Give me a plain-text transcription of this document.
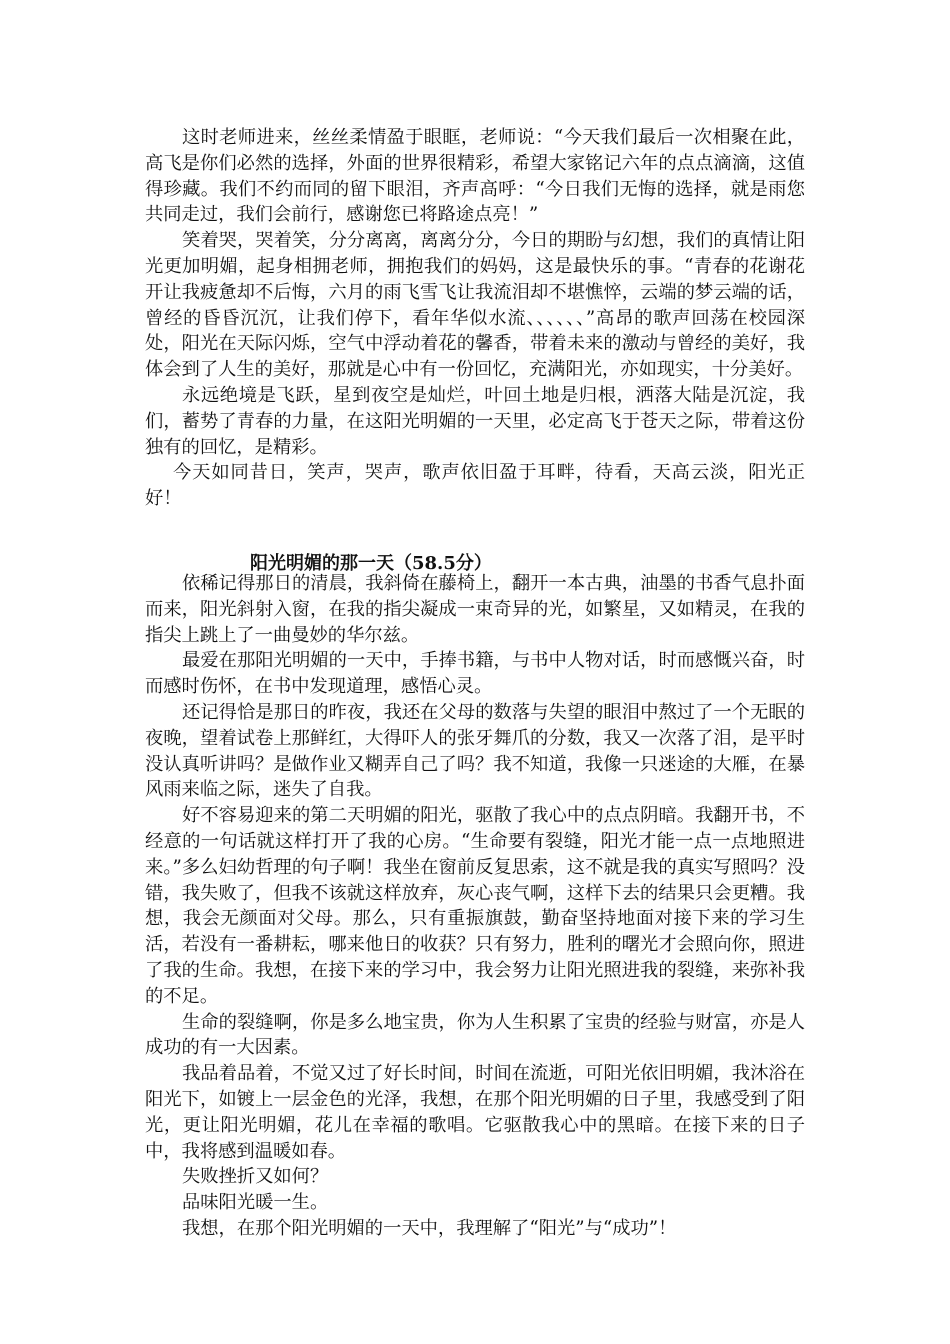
这时老师进来，丝丝柔情盈于眼眶，老师说：“今天我们最后一次相聚在此，高飞是你们必然的选择，外面的世界很精彩，希望大家铭记六年的点点滴滴，这值得珍藏。我们不约而同的留下眼泪，齐声高呼：“今日我们无悔的选择，就是雨您共同走过，我们会前行，感谢您已将路途点亮！”

笑着哭，哭着笑，分分离离，离离分分，今日的期盼与幻想，我们的真情让阳光更加明媚，起身相拥老师，拥抱我们的妈妈，这是最快乐的事。“青春的花谢花开让我疲惫却不后悔，六月的雨飞雪飞让我流泪却不堪憔悴，云端的梦云端的话，曾经的昏昏沉沉，让我们停下，看年华似水流、、、、、、”高昂的歌声回荡在校园深处，阳光在天际闪烁，空气中浮动着花的馨香，带着未来的激动与曾经的美好，我体会到了人生的美好，那就是心中有一份回忆，充满阳光，亦如现实，十分美好。

永远绝境是飞跃，星到夜空是灿烂，叶回土地是归根，洒落大陆是沉淀，我们，蓄势了青春的力量，在这阳光明媚的一天里，必定高飞于苍天之际，带着这份独有的回忆，是精彩。

今天如同昔日，笑声，哭声，歌声依旧盈于耳畔，待看，天高云淡，阳光正好！

阳光明媚的那一天（58.5分）

依稀记得那日的清晨，我斜倚在藤椅上，翻开一本古典，油墨的书香气息扑面而来，阳光斜射入窗，在我的指尖凝成一束奇异的光，如繁星，又如精灵，在我的指尖上跳上了一曲曼妙的华尔兹。

最爱在那阳光明媚的一天中，手捧书籍，与书中人物对话，时而感慨兴奋，时而感时伤怀，在书中发现道理，感悟心灵。

还记得恰是那日的昨夜，我还在父母的数落与失望的眼泪中熬过了一个无眠的夜晚，望着试卷上那鲜红，大得吓人的张牙舞爪的分数，我又一次落了泪，是平时没认真听讲吗？是做作业又糊弄自己了吗？我不知道，我像一只迷途的大雁，在暴风雨来临之际，迷失了自我。

好不容易迎来的第二天明媚的阳光，驱散了我心中的点点阴暗。我翻开书，不经意的一句话就这样打开了我的心房。“生命要有裂缝，阳光才能一点一点地照进来。”多么妇幼哲理的句子啊！我坐在窗前反复思索，这不就是我的真实写照吗？没错，我失败了，但我不该就这样放弃，灰心丧气啊，这样下去的结果只会更糟。我想，我会无颜面对父母。那么，只有重振旗鼓，勤奋坚持地面对接下来的学习生活，若没有一番耕耘，哪来他日的收获？只有努力，胜利的曙光才会照向你，照进了我的生命。我想，在接下来的学习中，我会努力让阳光照进我的裂缝，来弥补我的不足。

生命的裂缝啊，你是多么地宝贵，你为人生积累了宝贵的经验与财富，亦是人成功的有一大因素。

我品着品着，不觉又过了好长时间，时间在流逝，可阳光依旧明媚，我沐浴在阳光下，如镀上一层金色的光泽，我想，在那个阳光明媚的日子里，我感受到了阳光，更让阳光明媚，花儿在幸福的歌唱。它驱散我心中的黑暗。在接下来的日子中，我将感到温暖如春。

失败挫折又如何？

品味阳光暖一生。

我想，在那个阳光明媚的一天中，我理解了“阳光”与“成功”！
